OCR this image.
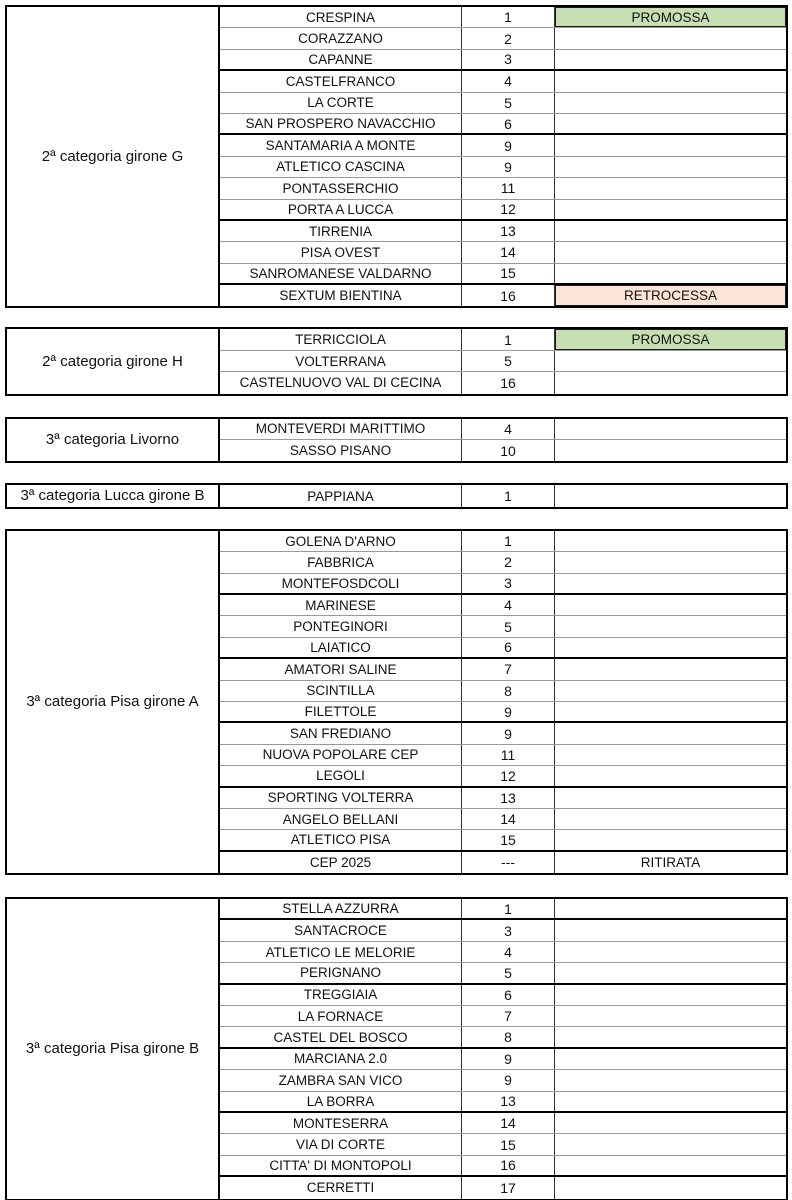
2ª categoria girone G
CRESPINA	1	PROMOSSA
CORAZZANO	2
CAPANNE	3
CASTELFRANCO	4
LA CORTE	5
SAN PROSPERO NAVACCHIO	6
SANTAMARIA A MONTE	9
ATLETICO CASCINA	9
PONTASSERCHIO	11
PORTA A LUCCA	12
TIRRENIA	13
PISA OVEST	14
SANROMANESE VALDARNO	15
SEXTUM BIENTINA	16	RETROCESSA
2ª categoria girone H
TERRICCIOLA	1	PROMOSSA
VOLTERRANA	5
CASTELNUOVO VAL DI CECINA	16
3ª categoria Livorno
MONTEVERDI MARITTIMO	4
SASSO PISANO	10
3ª categoria Lucca girone B	PAPPIANA	1
3ª categoria Pisa girone A
GOLENA D'ARNO	1
FABBRICA	2
MONTEFOSDCOLI	3
MARINESE	4
PONTEGINORI	5
LAIATICO	6
AMATORI SALINE	7
SCINTILLA	8
FILETTOLE	9
SAN FREDIANO	9
NUOVA POPOLARE CEP	11
LEGOLI	12
SPORTING VOLTERRA	13
ANGELO BELLANI	14
ATLETICO PISA	15
CEP 2025	---	RITIRATA
3ª categoria Pisa girone B
STELLA AZZURRA	1
SANTACROCE	3
ATLETICO LE MELORIE	4
PERIGNANO	5
TREGGIAIA	6
LA FORNACE	7
CASTEL DEL BOSCO	8
MARCIANA 2.0	9
ZAMBRA SAN VICO	9
LA BORRA	13
MONTESERRA	14
VIA DI CORTE	15
CITTA' DI MONTOPOLI	16
CERRETTI	17
